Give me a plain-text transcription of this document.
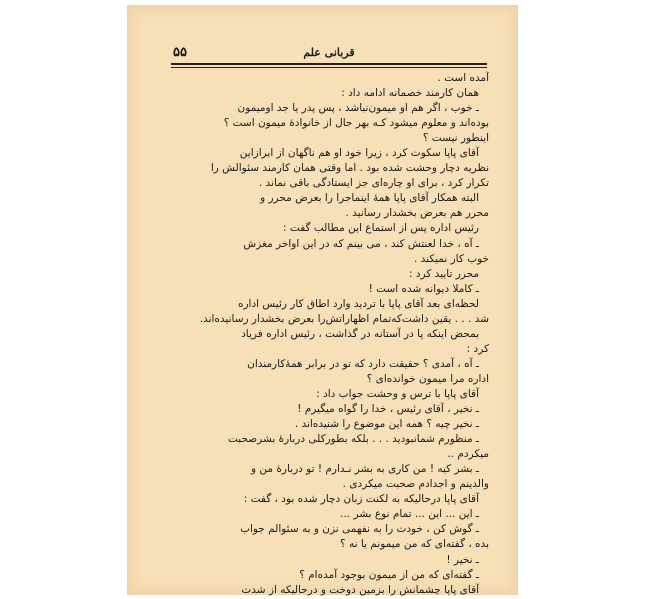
۵۵	قربانی علم
آمده است .
همان کارمند خصمانه ادامه داد :
ـ خوب ، اگر هم او میمون‌نباشد ، پس پدر یا جد اومیمون
بوده‌اند و معلوم میشود کـه بهر حال از خانوادهٔ میمون است ؟
اینطور نیست ؟
آقای پاپا سکوت کرد ، زیرا خود او هم ناگهان از ابرازاین
نظریه دچار وحشت شده بود . اما وقتی همان کارمند سئوالش را
تکرار کرد ، برای او چاره‌ای جز ایستادگی باقی نماند .
البته همکار آقای پاپا همهٔ اینماجرا را بعرض محرر و
محرر هم بعرض بخشدار رسانید .
رئیس اداره پس از استماع این مطالب گفت :
ـ آه ، خدا لعنتش کند ، می بینم که در این اواخر مغزش
خوب کار نمیکند .
محرر تایید کرد :
ـ کاملا دیوانه شده است !
لحظه‌ای بعد آقای پاپا با تردید وارد اطاق کار رئیس اداره
شد . . . یقین داشت‌که‌تمام اظهاراتش‌را بعرض بخشدار رسانیده‌اند.
بمحض اینکه پا در آستانه در گذاشت ، رئیس اداره فریاد
کرد :
ـ آه ، آمدی ؟ حقیقت دارد که تو در برابر همهٔ‌کارمندان
اداره مرا میمون خوانده‌ای ؟
آقای پاپا با ترس و وحشت جواب داد :
ـ نخیر ، آقای رئیس ، خدا را گواه میگیرم !
ـ نخیر چیه ؟ همه این موضوع را شنیده‌اند .
ـ منظورم شمانبودید . . . بلکه بطورکلی دربارهٔ بشرصحبت
میکردم ..
ـ بشر کیه ! من کاری به بشر نـدارم ! تو دربارهٔ من و
والدینم و اجدادم صحبت میکردی .
آقای پاپا درحالیکه به لکنت زبان دچار شده بود ، گفت :
ـ این ... این ... تمام نوع بشر ...
ـ گوش کن ، خودت را به نفهمی نزن و به سئوالم جواب
بده ، گفته‌ای که من میمونم یا نه ؟
ـ نخیر !
ـ گفته‌ای که من از میمون بوجود آمده‌ام ؟
آقای پاپا چشمانش را بزمین دوخت و درحالیکه از شدت
